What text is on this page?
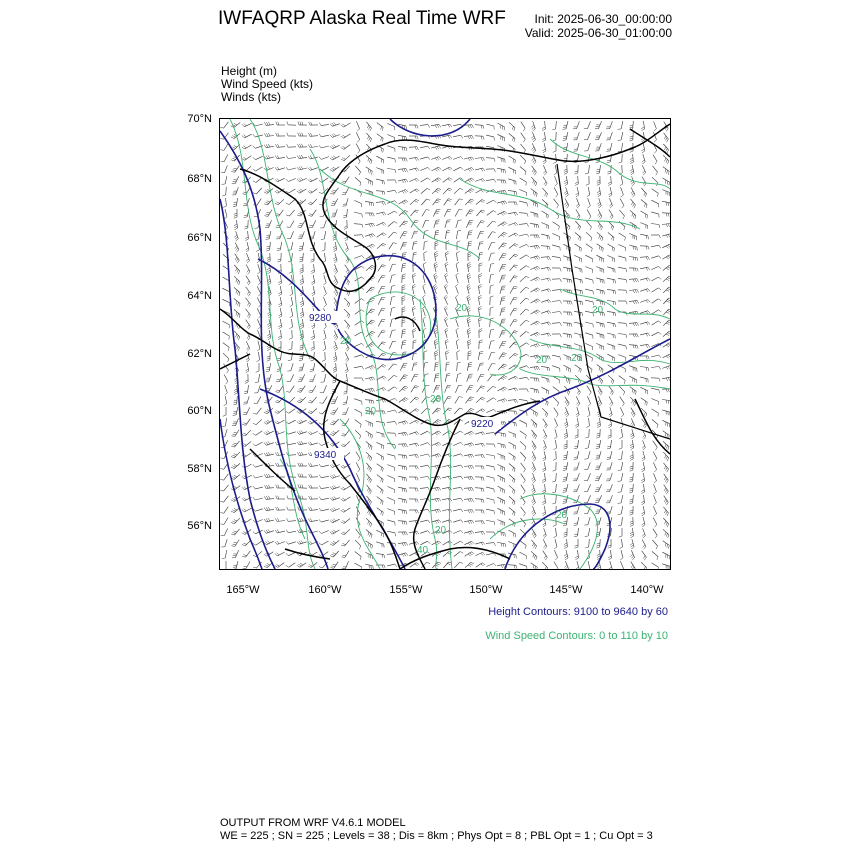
IWFAQRP Alaska Real Time WRF Init: 2025-06-30_00:00:00
Valid: 2025-06-30_01:00:00
Height (m)
Wind Speed (kts)
Winds (kts)
70°N
68°N
66°N
64°N
62°N
60°N
58°N
56°N
165°W	160°W	155°W	150°W	145°W	140°W
9280
9340
9220
20	20
20 20
20
20
20
20
20
40
Height Contours: 9100 to 9640 by 60
Wind Speed Contours: 0 to 110 by 10
OUTPUT FROM WRF V4.6.1 MODEL
WE = 225 ; SN = 225 ; Levels = 38 ; Dis = 8km ; Phys Opt = 8 ; PBL Opt = 1 ; Cu Opt = 3
